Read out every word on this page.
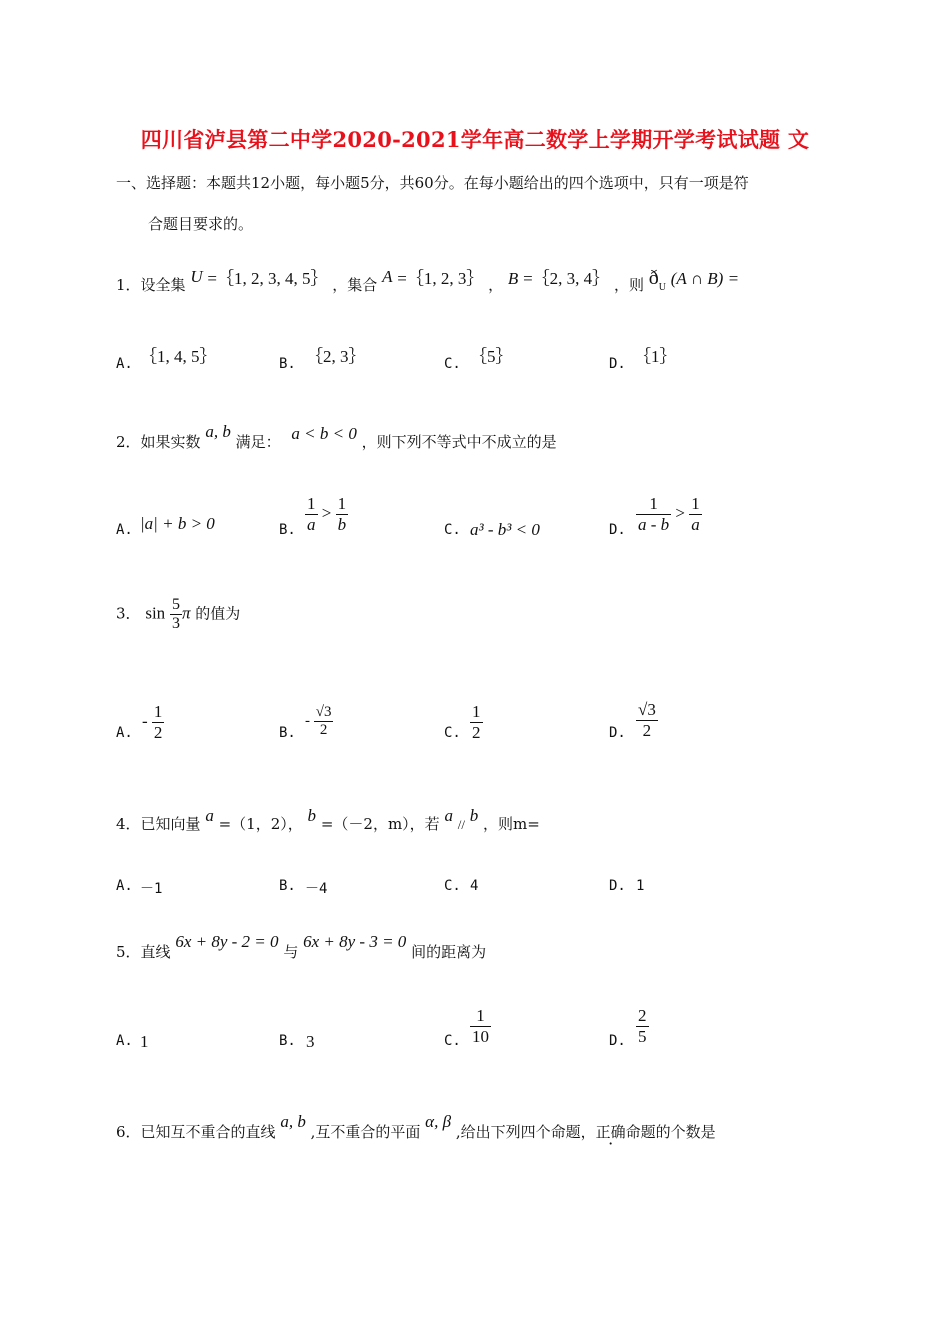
四川省泸县第二中学2020-2021学年高二数学上学期开学考试试题 文
一、选择题：本题共12小题，每小题5分，共60分。在每小题给出的四个选项中，只有一项是符
合题目要求的。
1．设全集 U =｛1, 2, 3, 4, 5｝ ，集合 A =｛1, 2, 3｝ ， B =｛2, 3, 4｝ ，则 ðU (A ∩ B) =
A. ｛1, 4, 5｝	B. ｛2, 3｝	C. ｛5｝	D. ｛1｝
2．如果实数 a, b 满足： a < b < 0 ，则下列不等式中不成立的是
A. |a| + b > 0	B. $\frac{1}{a} > \frac{1}{b}$	C. a³ - b³ < 0	D. $\frac{1}{a - b} > \frac{1}{a}$
3． $\sin \frac{5}{3}$ π 的值为
A.
- $\frac{1}{2}$	B.
- $\frac{√3}{2}$	C. $\frac{1}{2}$	D. $\frac{√3}{2}$
4．已知向量 a =（1，2）， b =（－2，m），若 a // b ，则m=
A. －1	B. －4	C. 4	D. 1
5．直线 6x + 8y - 2 = 0 与 6x + 8y - 3 = 0 间的距离为
A. 1	B. 3	C. $\frac{1}{10}$	D. $\frac{2}{5}$
6．已知互不重合的直线 a, b ,互不重合的平面 α, β ,给出下列四个命题，正确命题的个数是
